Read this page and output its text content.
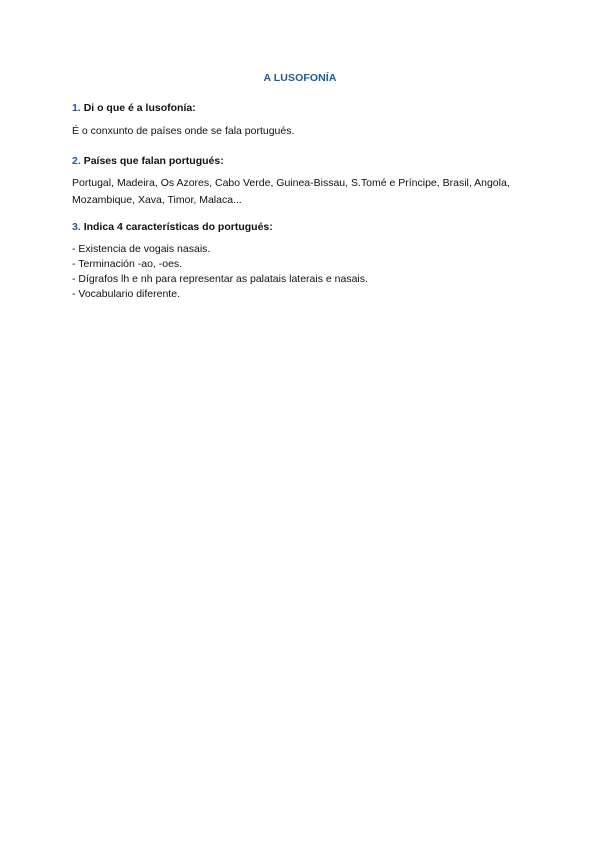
A LUSOFONÍA

1. Di o que é a lusofonía:

É o conxunto de países onde se fala portugués.

2. Países que falan portugués:

Portugal, Madeira, Os Azores, Cabo Verde, Guinea-Bissau, S.Tomé e Príncipe, Brasil, Angola, Mozambique, Xava, Timor, Malaca...

3. Indica 4 características do portugués:

- Existencia de vogais nasais.
- Terminación -ao, -oes.
- Dígrafos lh e nh para representar as palatais laterais e nasais.
- Vocabulario diferente.
